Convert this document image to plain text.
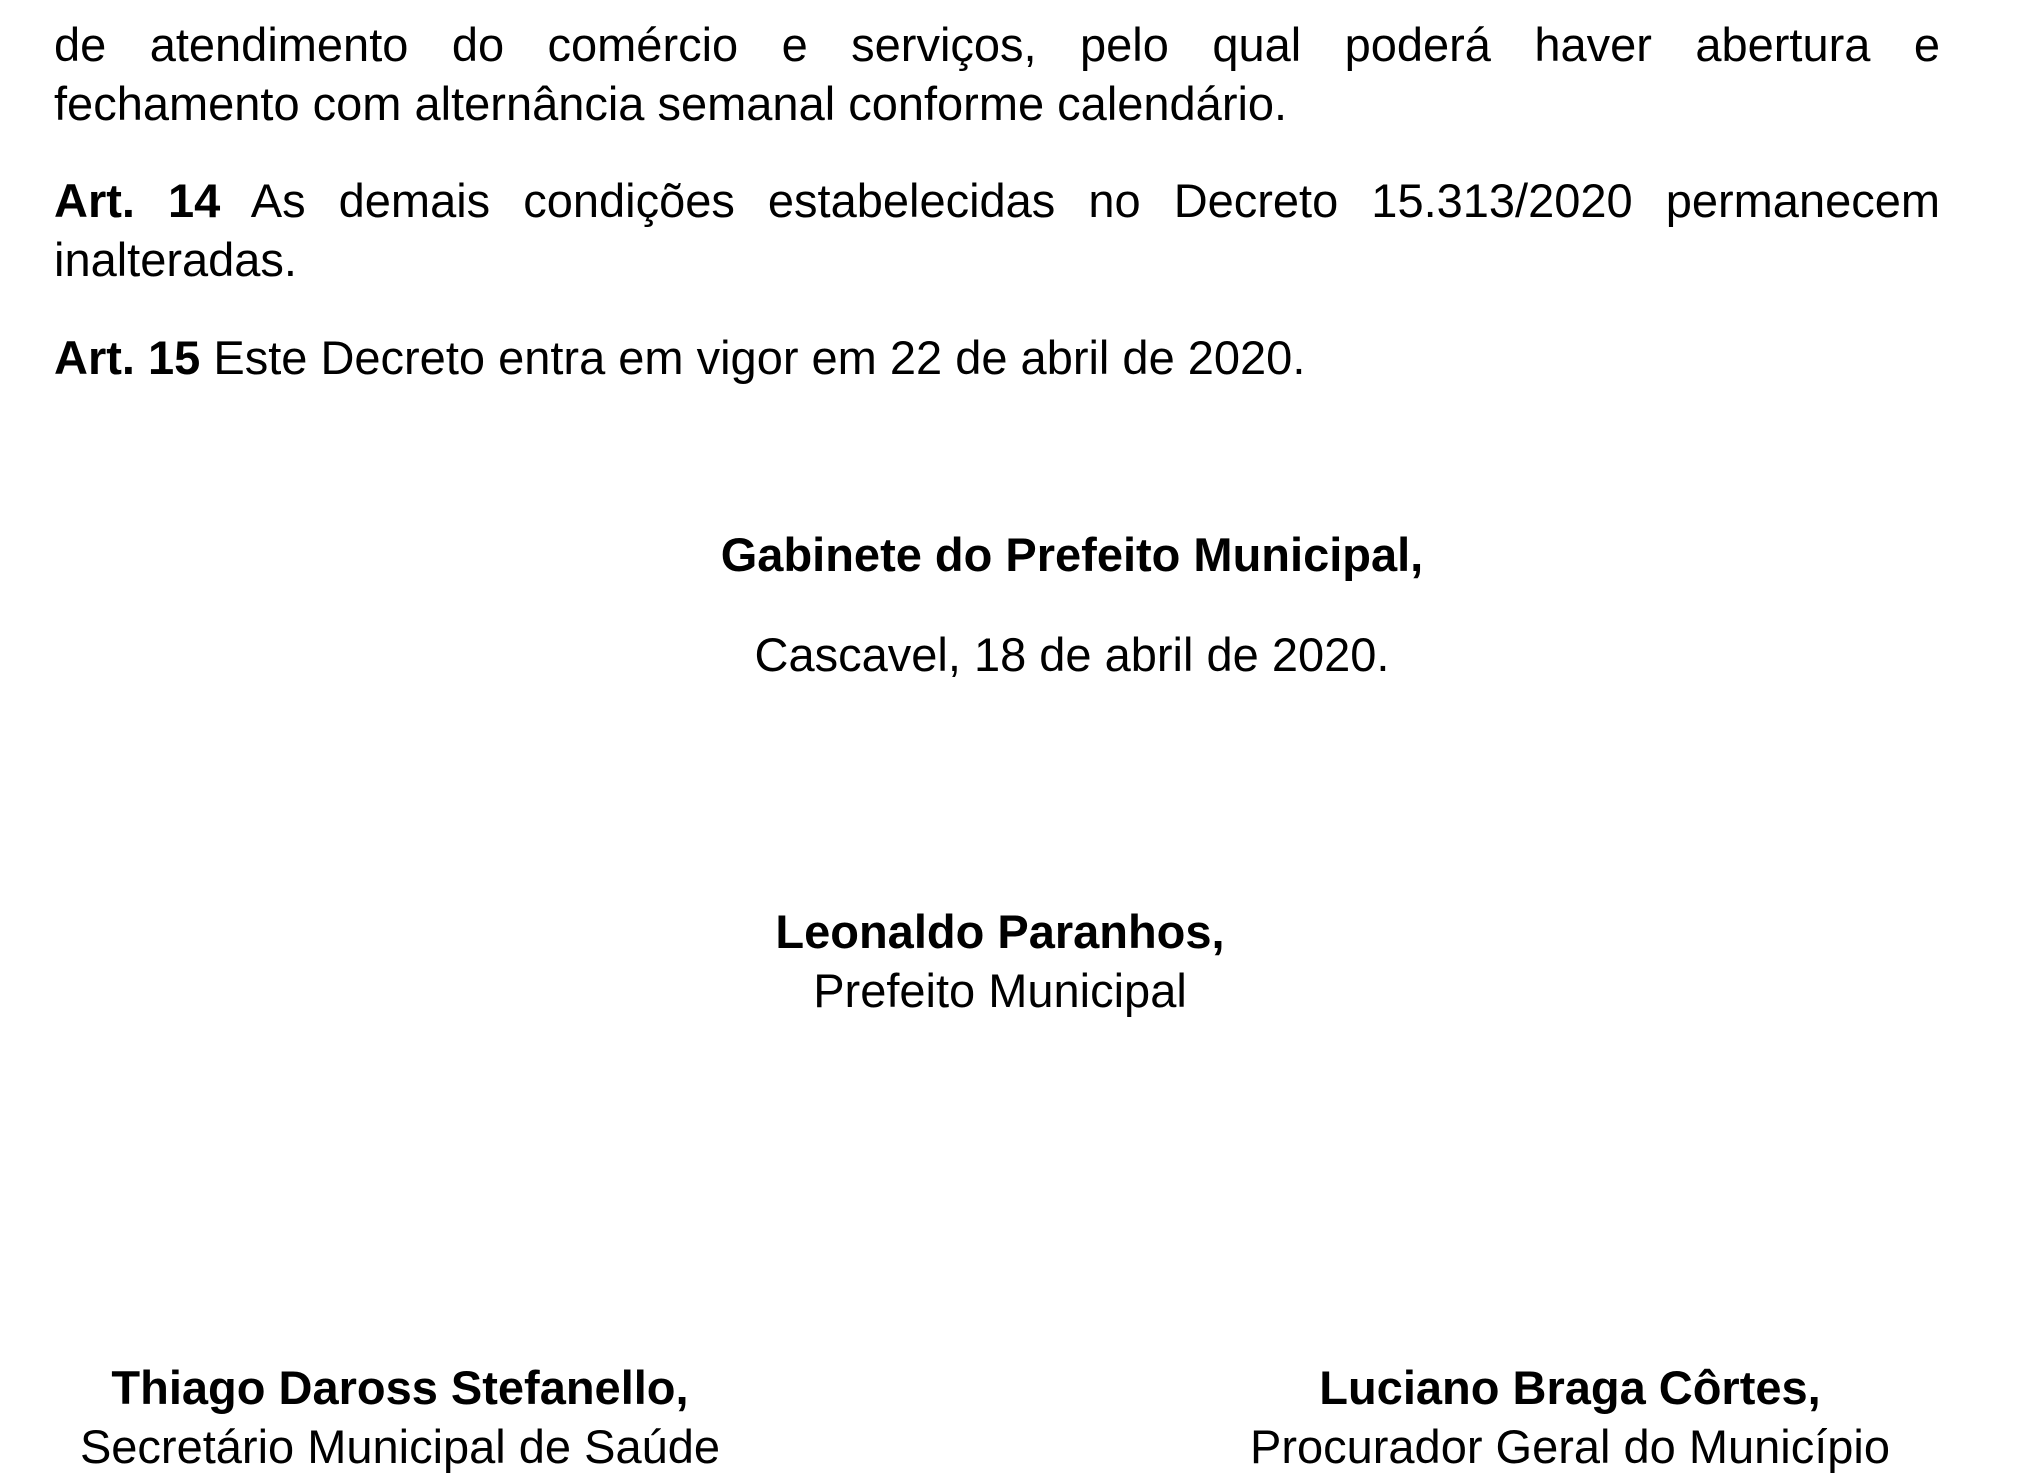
de atendimento do comércio e serviços, pelo qual poderá haver abertura e
fechamento com alternância semanal conforme calendário.
Art. 14 As demais condições estabelecidas no Decreto 15.313/2020 permanecem
inalteradas.
Art. 15 Este Decreto entra em vigor em 22 de abril de 2020.
Gabinete do Prefeito Municipal,
Cascavel, 18 de abril de 2020.
Leonaldo Paranhos,
Prefeito Municipal
Thiago Daross Stefanello,
Secretário Municipal de Saúde
Luciano Braga Côrtes,
Procurador Geral do Município
